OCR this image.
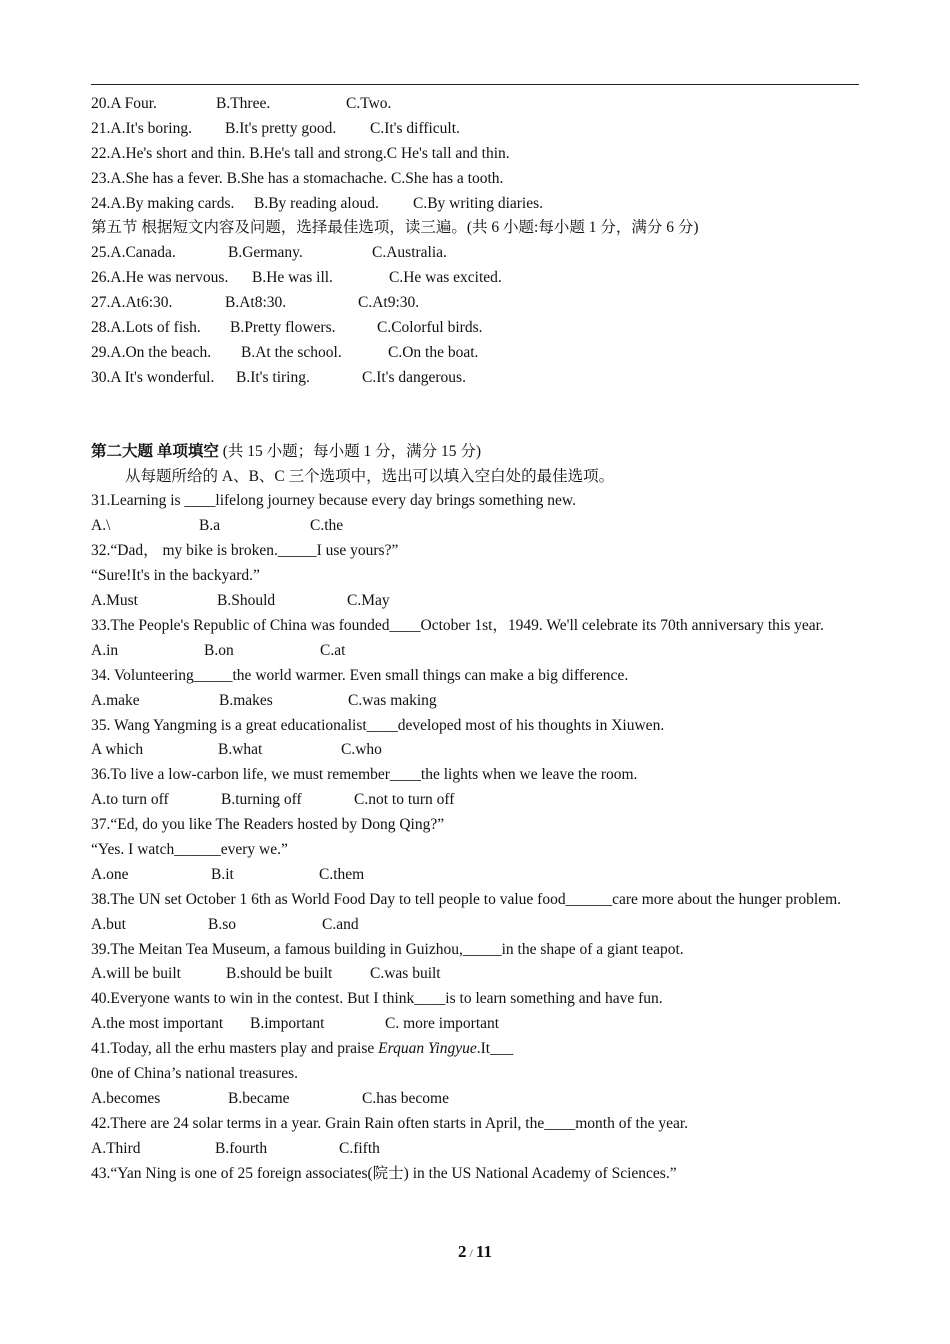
20.A Four.	B.Three.	C.Two.
21.A.It's boring. B.It's pretty good. C.It's difficult.
22.A.He's short and thin. B.He's tall and strong.C He's tall and thin.
23.A.She has a fever. B.She has a stomachache. C.She has a tooth.
24.A.By making cards. B.By reading aloud. C.By writing diaries.
第五节 根据短文内容及问题，选择最佳选项，读三遍。(共 6 小题:每小题 1 分，满分 6 分)
25.A.Canada.	B.Germany.	C.Australia.
26.A.He was nervous. B.He was ill.	C.He was excited.
27.A.At6:30.	B.At8:30.	C.At9:30.
28.A.Lots of fish. B.Pretty flowers.	C.Colorful birds.
29.A.On the beach. B.At the school.	C.On the boat.
30.A It's wonderful. B.It's tiring.	C.It's dangerous.
第二大题 单项填空 (共 15 小题；每小题 1 分，满分 15 分)
从每题所给的 A、B、C 三个选项中，选出可以填入空白处的最佳选项。
31.Learning is ____lifelong journey because every day brings something new.
A.\	B.a	C.the
32.“Dad， my bike is broken._____I use yours?”
“Sure!It's in the backyard.”
A.Must	B.Should	C.May
33.The People's Republic of China was founded____October 1st，1949. We'll celebrate its 70th anniversary this year.
A.in	B.on	C.at
34. Volunteering_____the world warmer. Even small things can make a big difference.
A.make	B.makes	C.was making
35. Wang Yangming is a great educationalist____developed most of his thoughts in Xiuwen.
A which	B.what	C.who
36.To live a low-carbon life, we must remember____the lights when we leave the room.
A.to turn off	B.turning off	C.not to turn off
37.“Ed, do you like The Readers hosted by Dong Qing?”
“Yes. I watch______every we.”
A.one	B.it	C.them
38.The UN set October 1 6th as World Food Day to tell people to value food______care more about the hunger problem.
A.but	B.so	C.and
39.The Meitan Tea Museum, a famous building in Guizhou,_____in the shape of a giant teapot.
A.will be built	B.should be built C.was built
40.Everyone wants to win in the contest. But I think____is to learn something and have fun.
A.the most important B.important	C. more important
41.Today, all the erhu masters play and praise Erquan Yingyue.It___
0ne of China’s national treasures.
A.becomes	B.became	C.has become
42.There are 24 solar terms in a year. Grain Rain often starts in April, the____month of the year.
A.Third	B.fourth	C.fifth
43.“Yan Ning is one of 25 foreign associates(院士) in the US National Academy of Sciences.”
2 / 11
